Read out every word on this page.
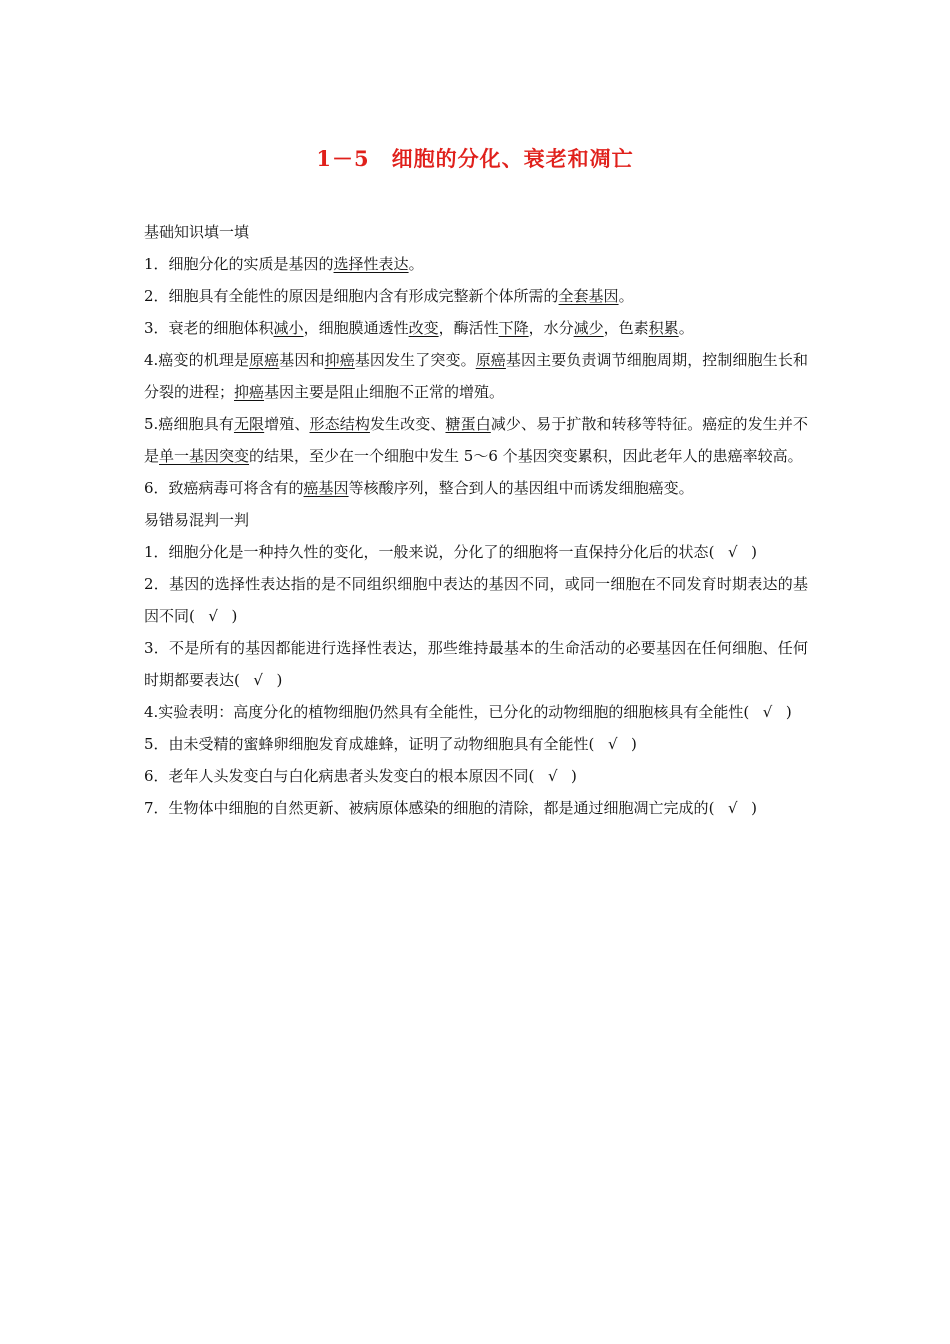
1－5　细胞的分化、衰老和凋亡

基础知识填一填

1．细胞分化的实质是基因的选择性表达。

2．细胞具有全能性的原因是细胞内含有形成完整新个体所需的全套基因。

3．衰老的细胞体积减小，细胞膜通透性改变，酶活性下降，水分减少，色素积累。

4.癌变的机理是原癌基因和抑癌基因发生了突变。原癌基因主要负责调节细胞周期，控制细胞生长和分裂的进程；抑癌基因主要是阻止细胞不正常的增殖。

5.癌细胞具有无限增殖、形态结构发生改变、糖蛋白减少、易于扩散和转移等特征。癌症的发生并不是单一基因突变的结果，至少在一个细胞中发生 5～6 个基因突变累积，因此老年人的患癌率较高。

6．致癌病毒可将含有的癌基因等核酸序列，整合到人的基因组中而诱发细胞癌变。

易错易混判一判

1．细胞分化是一种持久性的变化，一般来说，分化了的细胞将一直保持分化后的状态(  √  )

2．基因的选择性表达指的是不同组织细胞中表达的基因不同，或同一细胞在不同发育时期表达的基因不同(  √  )

3．不是所有的基因都能进行选择性表达，那些维持最基本的生命活动的必要基因在任何细胞、任何时期都要表达(  √  )

4.实验表明：高度分化的植物细胞仍然具有全能性，已分化的动物细胞的细胞核具有全能性(  √  )

5．由未受精的蜜蜂卵细胞发育成雄蜂，证明了动物细胞具有全能性(  √  )

6．老年人头发变白与白化病患者头发变白的根本原因不同(  √  )

7．生物体中细胞的自然更新、被病原体感染的细胞的清除，都是通过细胞凋亡完成的(  √  )
